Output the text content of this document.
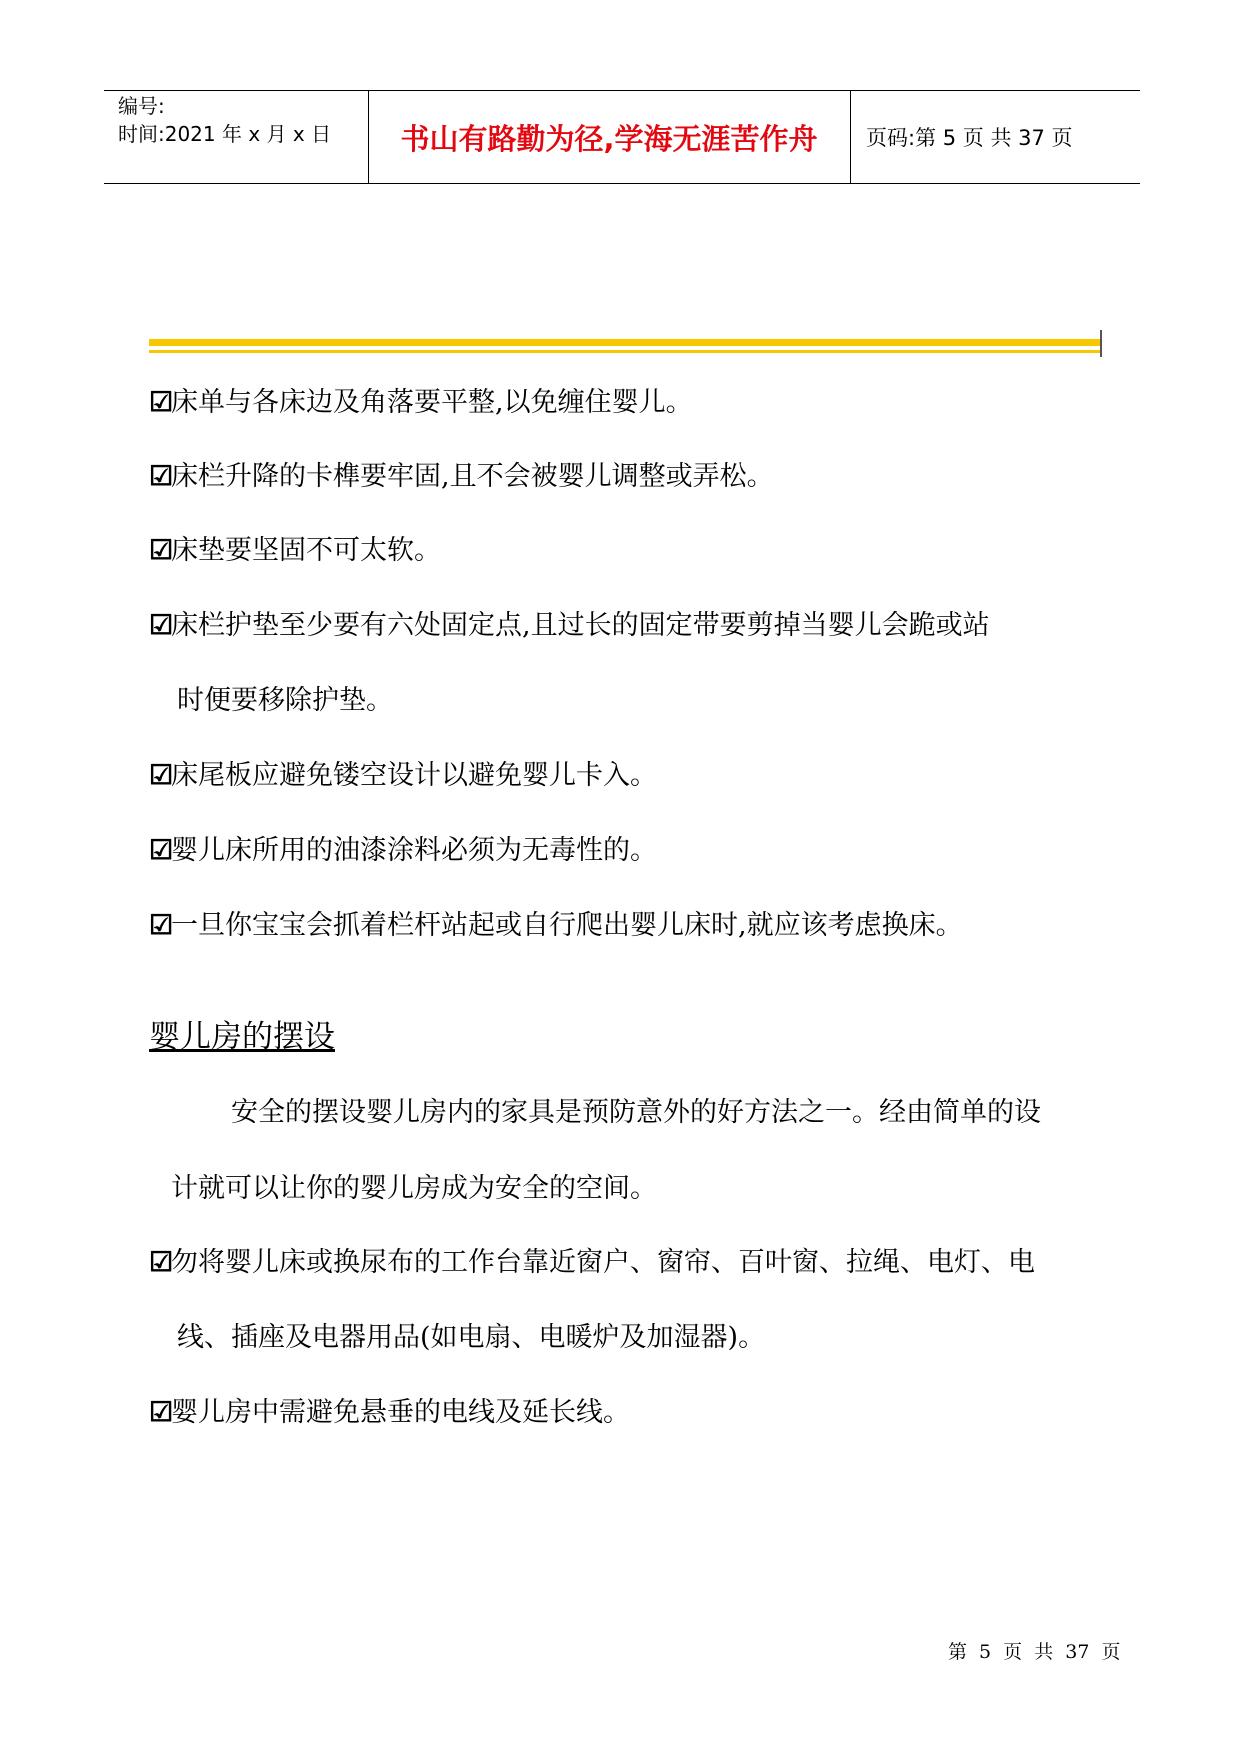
编号:
时间:2021 年 x 月 x 日	书山有路勤为径,学海无涯苦作舟	页码:第 5 页 共 37 页
☑床单与各床边及角落要平整,以免缠住婴儿。
☑床栏升降的卡榫要牢固,且不会被婴儿调整或弄松。
☑床垫要坚固不可太软。
☑床栏护垫至少要有六处固定点,且过长的固定带要剪掉当婴儿会跪或站
时便要移除护垫。
☑床尾板应避免镂空设计以避免婴儿卡入。
☑婴儿床所用的油漆涂料必须为无毒性的。
☑一旦你宝宝会抓着栏杆站起或自行爬出婴儿床时,就应该考虑换床。
婴儿房的摆设
安全的摆设婴儿房内的家具是预防意外的好方法之一。经由简单的设
计就可以让你的婴儿房成为安全的空间。
☑勿将婴儿床或换尿布的工作台靠近窗户、窗帘、百叶窗、拉绳、电灯、电
线、插座及电器用品(如电扇、电暖炉及加湿器)。
☑婴儿房中需避免悬垂的电线及延长线。
第 5 页 共 37 页
